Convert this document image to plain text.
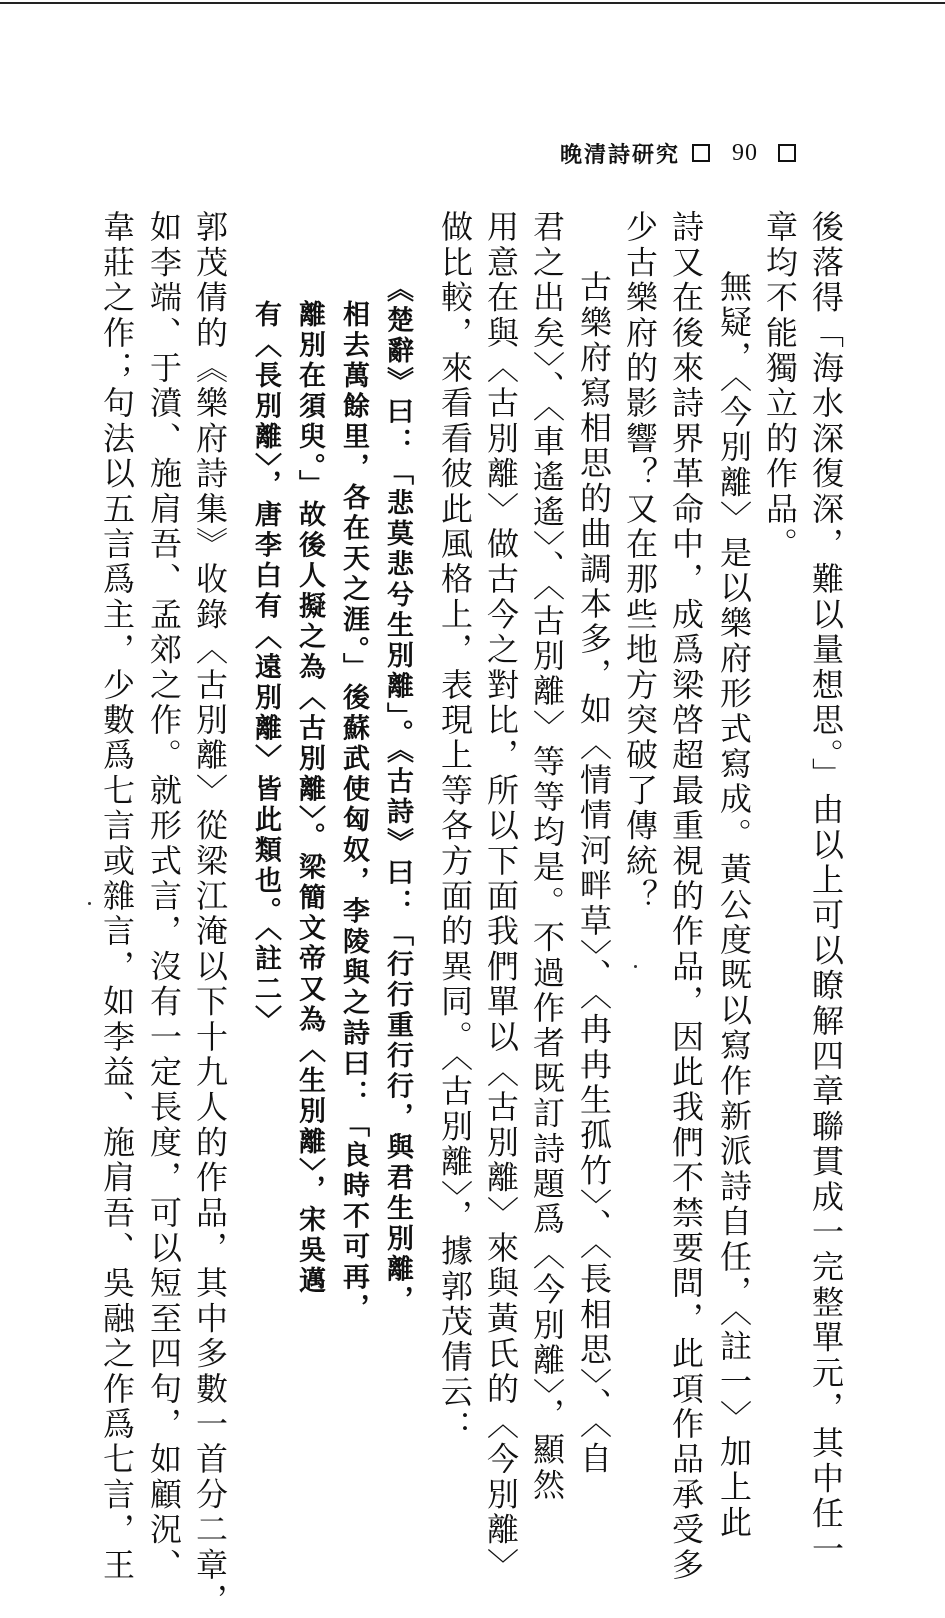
晚清詩研究 90
後落得「海水深復深，難以量想思。」由以上可以瞭解四章聯貫成一完整單元，其中任一
章均不能獨立的作品。
無疑，〈今別離〉是以樂府形式寫成。黃公度既以寫作新派詩自任，〈註一〉加上此
詩又在後來詩界革命中，成爲梁啓超最重視的作品，因此我們不禁要問，此項作品承受多
少古樂府的影響？又在那些地方突破了傳統？
古樂府寫相思的曲調本多，如〈情情河畔草〉、〈冉冉生孤竹〉、〈長相思〉、〈自
君之出矣〉、〈車遙遙〉、〈古別離〉等等均是。不過作者既訂詩題爲〈今別離〉，顯然
用意在與〈古別離〉做古今之對比，所以下面我們單以〈古別離〉來與黃氏的〈今別離〉
做比較，來看看彼此風格上，表現上等各方面的異同。〈古別離〉，據郭茂倩云：
《楚辭》曰：「悲莫悲兮生別離」。《古詩》曰：「行行重行行，與君生別離，
相去萬餘里，各在天之涯。」後蘇武使匈奴，李陵與之詩曰：「良時不可再，
離別在須臾。」故後人擬之為〈古別離〉。梁簡文帝又為〈生別離〉，宋吳邁
有〈長別離〉，唐李白有〈遠別離〉皆此類也。〈註二〉
郭茂倩的《樂府詩集》收錄〈古別離〉從梁江淹以下十九人的作品，其中多數一首分二章，
如李端、于濆、施肩吾、孟郊之作。就形式言，沒有一定長度，可以短至四句，如顧況、
韋莊之作；句法以五言爲主，少數爲七言或雜言，如李益、施肩吾、吳融之作爲七言，王
